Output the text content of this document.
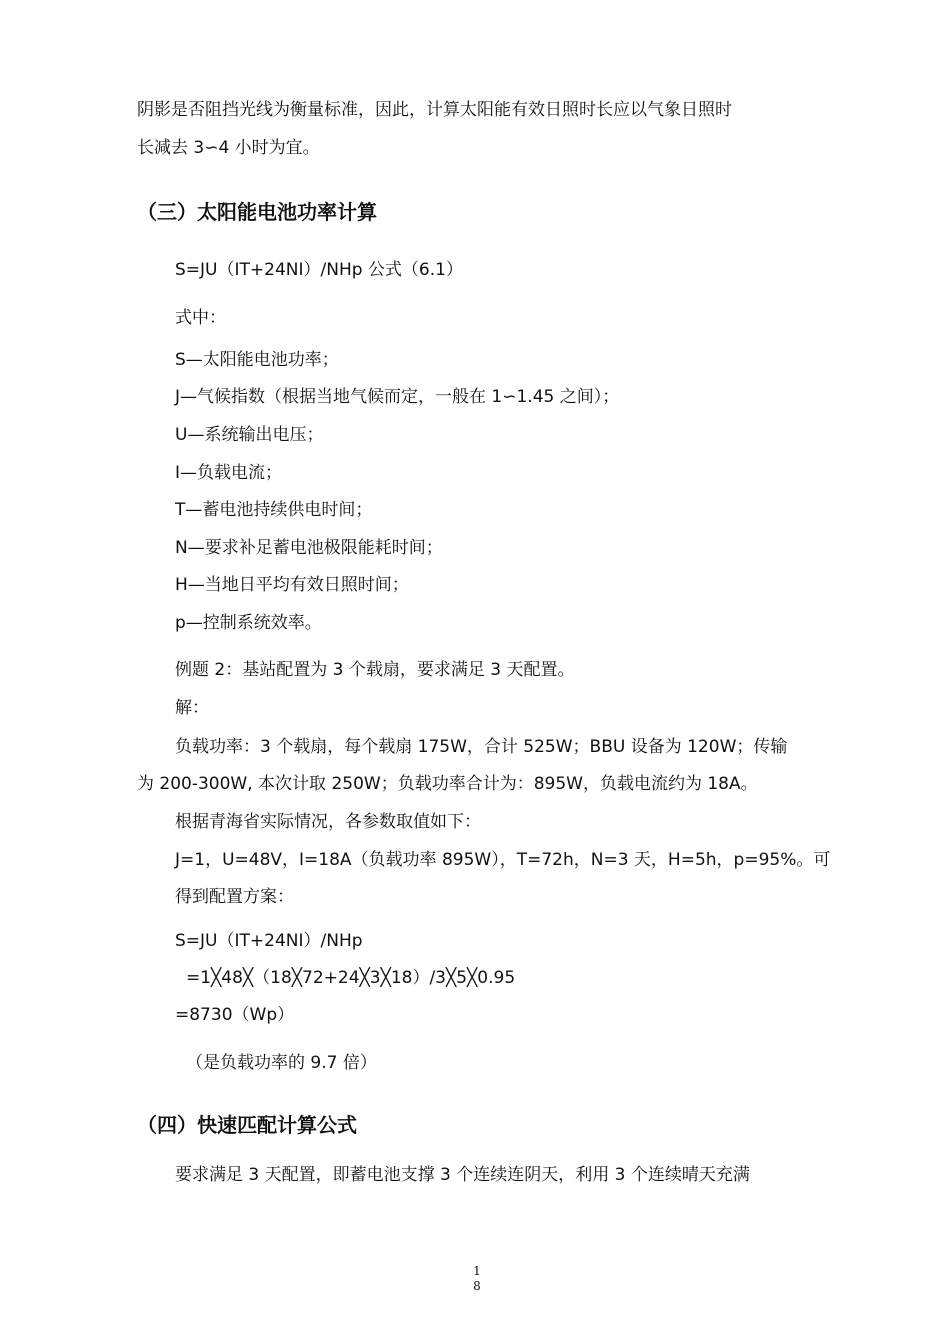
阴影是否阻挡光线为衡量标准，因此，计算太阳能有效日照时长应以气象日照时
长减去 3∽4 小时为宜。
（三）太阳能电池功率计算
S=JU（IT+24NI）/NHp 公式（6.1）
式中：
S—太阳能电池功率；
J—气候指数（根据当地气候而定，一般在 1∽1.45 之间）；
U—系统输出电压；
I—负载电流；
T—蓄电池持续供电时间；
N—要求补足蓄电池极限能耗时间；
H—当地日平均有效日照时间；
p—控制系统效率。
例题 2：基站配置为 3 个载扇，要求满足 3 天配置。
解：
负载功率：3 个载扇，每个载扇 175W，合计 525W；BBU 设备为 120W；传输
为 200-300W, 本次计取 250W；负载功率合计为：895W，负载电流约为 18A。
根据青海省实际情况，各参数取值如下：
J=1，U=48V，I=18A（负载功率 895W），T=72h，N=3 天，H=5h，p=95%。可
得到配置方案：
S=JU（IT+24NI）/NHp
=1╳48╳（18╳72+24╳3╳18）/3╳5╳0.95
=8730（Wp）
（是负载功率的 9.7 倍）
（四）快速匹配计算公式
要求满足 3 天配置，即蓄电池支撑 3 个连续连阴天，利用 3 个连续晴天充满
1
8
